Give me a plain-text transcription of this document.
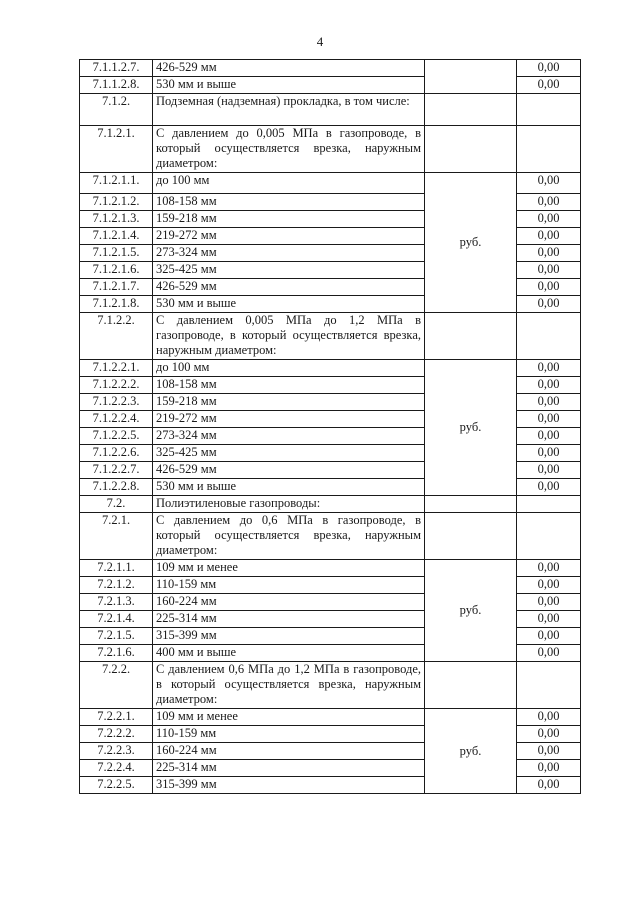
4
7.1.1.2.7.	426-529 мм		0,00
7.1.1.2.8.	530 мм и выше		0,00
7.1.2.	Подземная (надземная) прокладка, в том числе:		
7.1.2.1.	С давлением до 0,005 МПа в газопроводе, в который осуществляется врезка, наружным диаметром:		
7.1.2.1.1.	до 100 мм	руб.	0,00
7.1.2.1.2.	108-158 мм		0,00
7.1.2.1.3.	159-218 мм		0,00
7.1.2.1.4.	219-272 мм		0,00
7.1.2.1.5.	273-324 мм		0,00
7.1.2.1.6.	325-425 мм		0,00
7.1.2.1.7.	426-529 мм		0,00
7.1.2.1.8.	530 мм и выше		0,00
7.1.2.2.	С давлением 0,005 МПа до 1,2 МПа в газопроводе, в который осуществляется врезка, наружным диаметром:		
7.1.2.2.1.	до 100 мм	руб.	0,00
7.1.2.2.2.	108-158 мм		0,00
7.1.2.2.3.	159-218 мм		0,00
7.1.2.2.4.	219-272 мм		0,00
7.1.2.2.5.	273-324 мм		0,00
7.1.2.2.6.	325-425 мм		0,00
7.1.2.2.7.	426-529 мм		0,00
7.1.2.2.8.	530 мм и выше		0,00
7.2.	Полиэтиленовые газопроводы:		
7.2.1.	С давлением до 0,6 МПа в газопроводе, в который осуществляется врезка, наружным диаметром:		
7.2.1.1.	109 мм и менее	руб.	0,00
7.2.1.2.	110-159 мм		0,00
7.2.1.3.	160-224 мм		0,00
7.2.1.4.	225-314 мм		0,00
7.2.1.5.	315-399 мм		0,00
7.2.1.6.	400 мм и выше		0,00
7.2.2.	С давлением 0,6 МПа до 1,2 МПа в газопроводе, в который осуществляется врезка, наружным диаметром:		
7.2.2.1.	109 мм и менее	руб.	0,00
7.2.2.2.	110-159 мм		0,00
7.2.2.3.	160-224 мм		0,00
7.2.2.4.	225-314 мм		0,00
7.2.2.5.	315-399 мм		0,00
